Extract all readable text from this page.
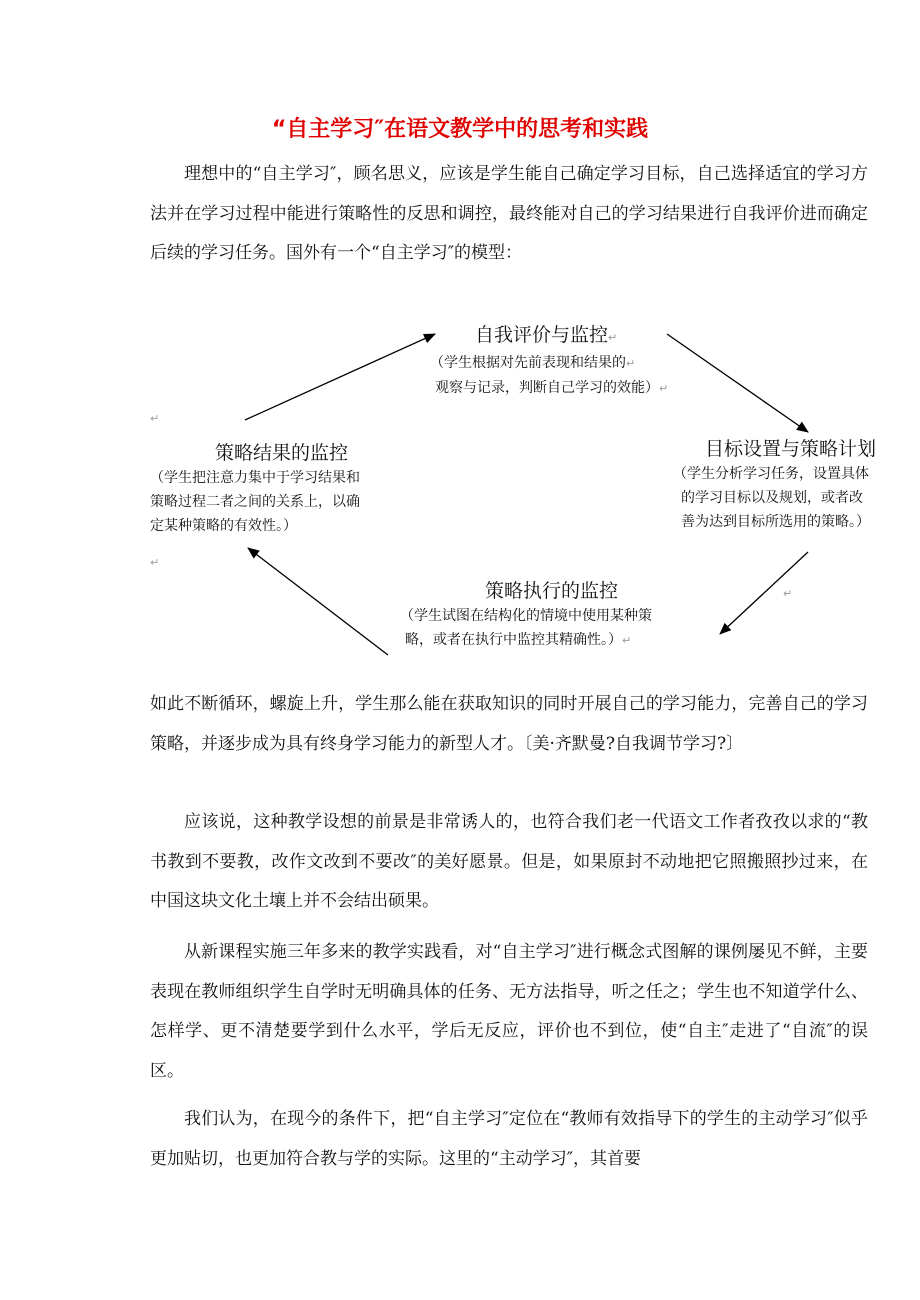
“自主学习″在语文教学中的思考和实践

理想中的“自主学习″，顾名思义，应该是学生能自己确定学习目标，自己选择适宜的学习方法并在学习过程中能进行策略性的反思和调控，最终能对自己的学习结果进行自我评价进而确定后续的学习任务。国外有一个“自主学习″的模型：

自我评价与监控↵
（学生根据对先前表现和结果的↵
观察与记录，判断自己学习的效能）↵
目标设置与策略计划
（学生分析学习任务，设置具体
的学习目标以及规划，或者改
善为达到目标所选用的策略。）
策略执行的监控
（学生试图在结构化的情境中使用某种策
略，或者在执行中监控其精确性。）↵
策略结果的监控
（学生把注意力集中于学习结果和
策略过程二者之间的关系上，以确
定某种策略的有效性。）
↵
↵
↵

如此不断循环，螺旋上升，学生那么能在获取知识的同时开展自己的学习能力，完善自己的学习策略，并逐步成为具有终身学习能力的新型人才。〔美·齐默曼?自我调节学习?〕

应该说，这种教学设想的前景是非常诱人的，也符合我们老一代语文工作者孜孜以求的“教书教到不要教，改作文改到不要改″的美好愿景。但是，如果原封不动地把它照搬照抄过来，在中国这块文化土壤上并不会结出硕果。

从新课程实施三年多来的教学实践看，对“自主学习″进行概念式图解的课例屡见不鲜，主要表现在教师组织学生自学时无明确具体的任务、无方法指导，听之任之；学生也不知道学什么、怎样学、更不清楚要学到什么水平，学后无反应，评价也不到位，使“自主″走进了“自流″的误区。

我们认为，在现今的条件下，把“自主学习″定位在“教师有效指导下的学生的主动学习″似乎更加贴切，也更加符合教与学的实际。这里的“主动学习″，其首要
